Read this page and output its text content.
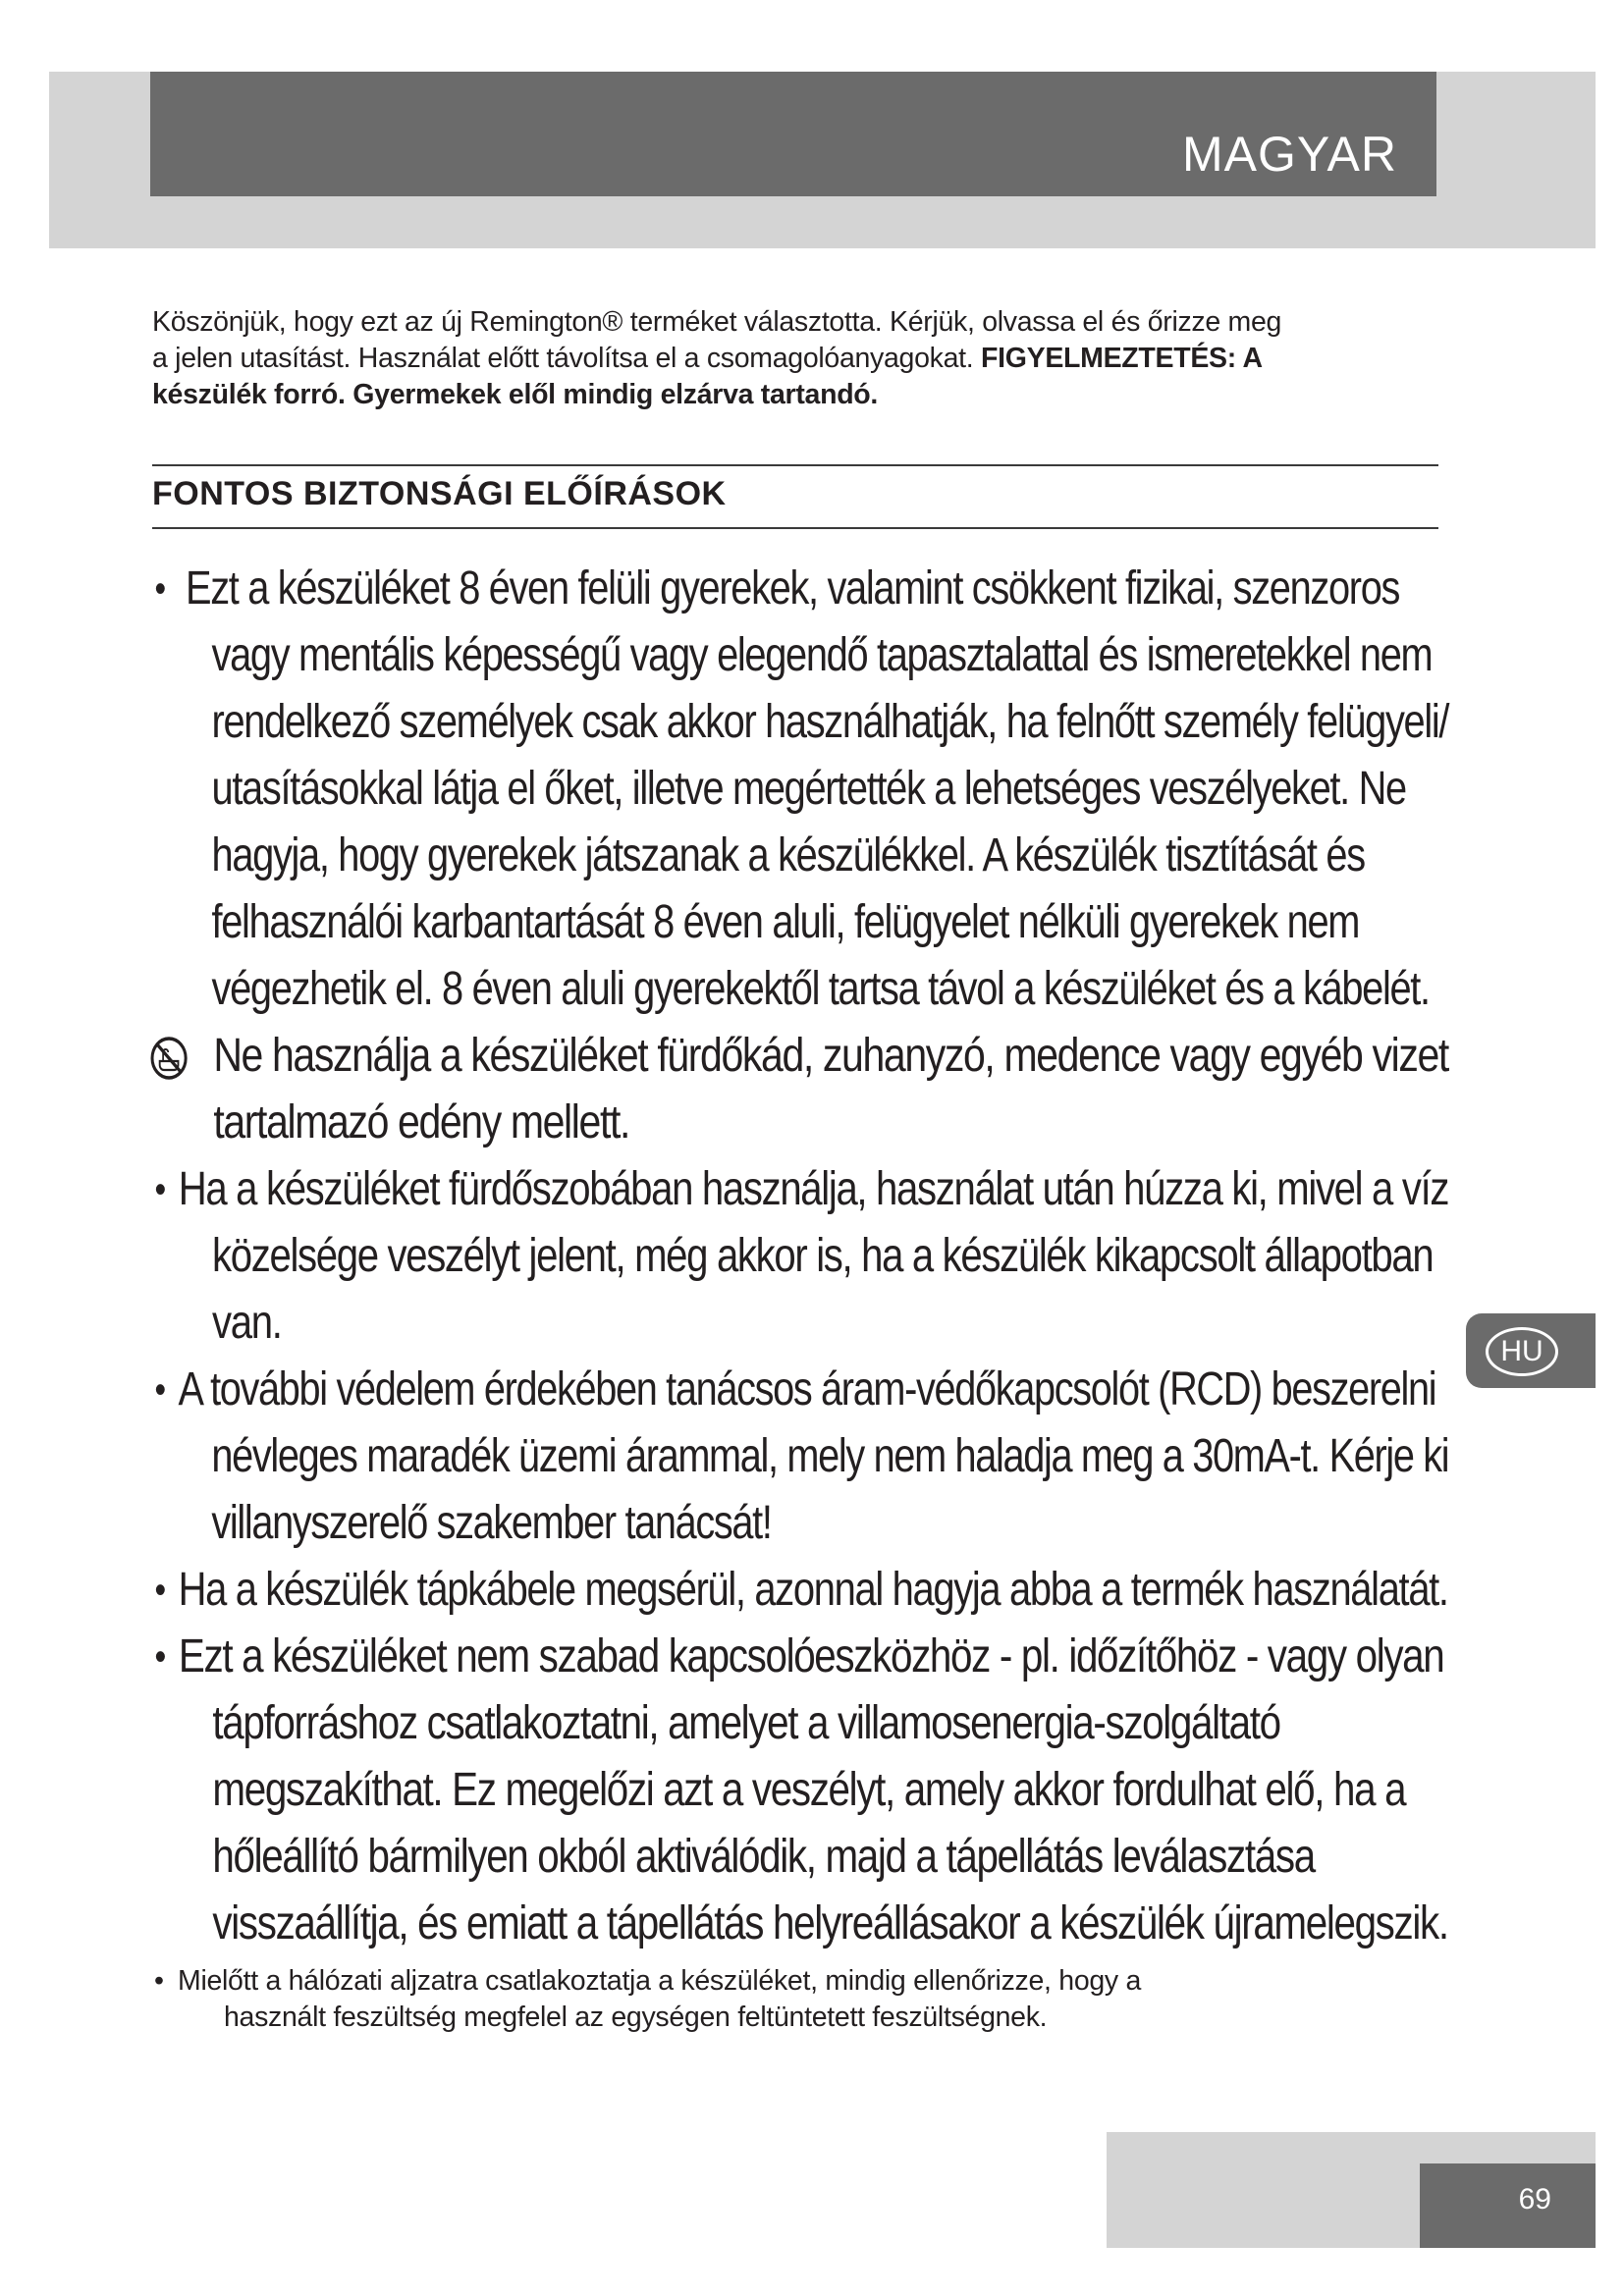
MAGYAR
Köszönjük, hogy ezt az új Remington® terméket választotta. Kérjük, olvassa el és őrizze meg
a jelen utasítást. Használat előtt távolítsa el a csomagolóanyagokat. FIGYELMEZTETÉS: A
készülék forró. Gyermekek elől mindig elzárva tartandó.
FONTOS BIZTONSÁGI ELŐÍRÁSOK
• Ezt a készüléket 8 éven felüli gyerekek, valamint csökkent fizikai, szenzoros
vagy mentális képességű vagy elegendő tapasztalattal és ismeretekkel nem
rendelkező személyek csak akkor használhatják, ha felnőtt személy felügyeli/
utasításokkal látja el őket, illetve megértették a lehetséges veszélyeket. Ne
hagyja, hogy gyerekek játszanak a készülékkel. A készülék tisztítását és
felhasználói karbantartását 8 éven aluli, felügyelet nélküli gyerekek nem
végezhetik el. 8 éven aluli gyerekektől tartsa távol a készüléket és a kábelét.
Ne használja a készüléket fürdőkád, zuhanyzó, medence vagy egyéb vizet
tartalmazó edény mellett.
• Ha a készüléket fürdőszobában használja, használat után húzza ki, mivel a víz
közelsége veszélyt jelent, még akkor is, ha a készülék kikapcsolt állapotban
van.
• A további védelem érdekében tanácsos áram-védőkapcsolót (RCD) beszerelni
névleges maradék üzemi árammal, mely nem haladja meg a 30mA-t. Kérje ki
villanyszerelő szakember tanácsát!
• Ha a készülék tápkábele megsérül, azonnal hagyja abba a termék használatát.
• Ezt a készüléket nem szabad kapcsolóeszközhöz - pl. időzítőhöz - vagy olyan
tápforráshoz csatlakoztatni, amelyet a villamosenergia-szolgáltató
megszakíthat. Ez megelőzi azt a veszélyt, amely akkor fordulhat elő, ha a
hőleállító bármilyen okból aktiválódik, majd a tápellátás leválasztása
visszaállítja, és emiatt a tápellátás helyreállásakor a készülék újramelegszik.
• Mielőtt a hálózati aljzatra csatlakoztatja a készüléket, mindig ellenőrizze, hogy a
használt feszültség megfelel az egységen feltüntetett feszültségnek.
HU
69
